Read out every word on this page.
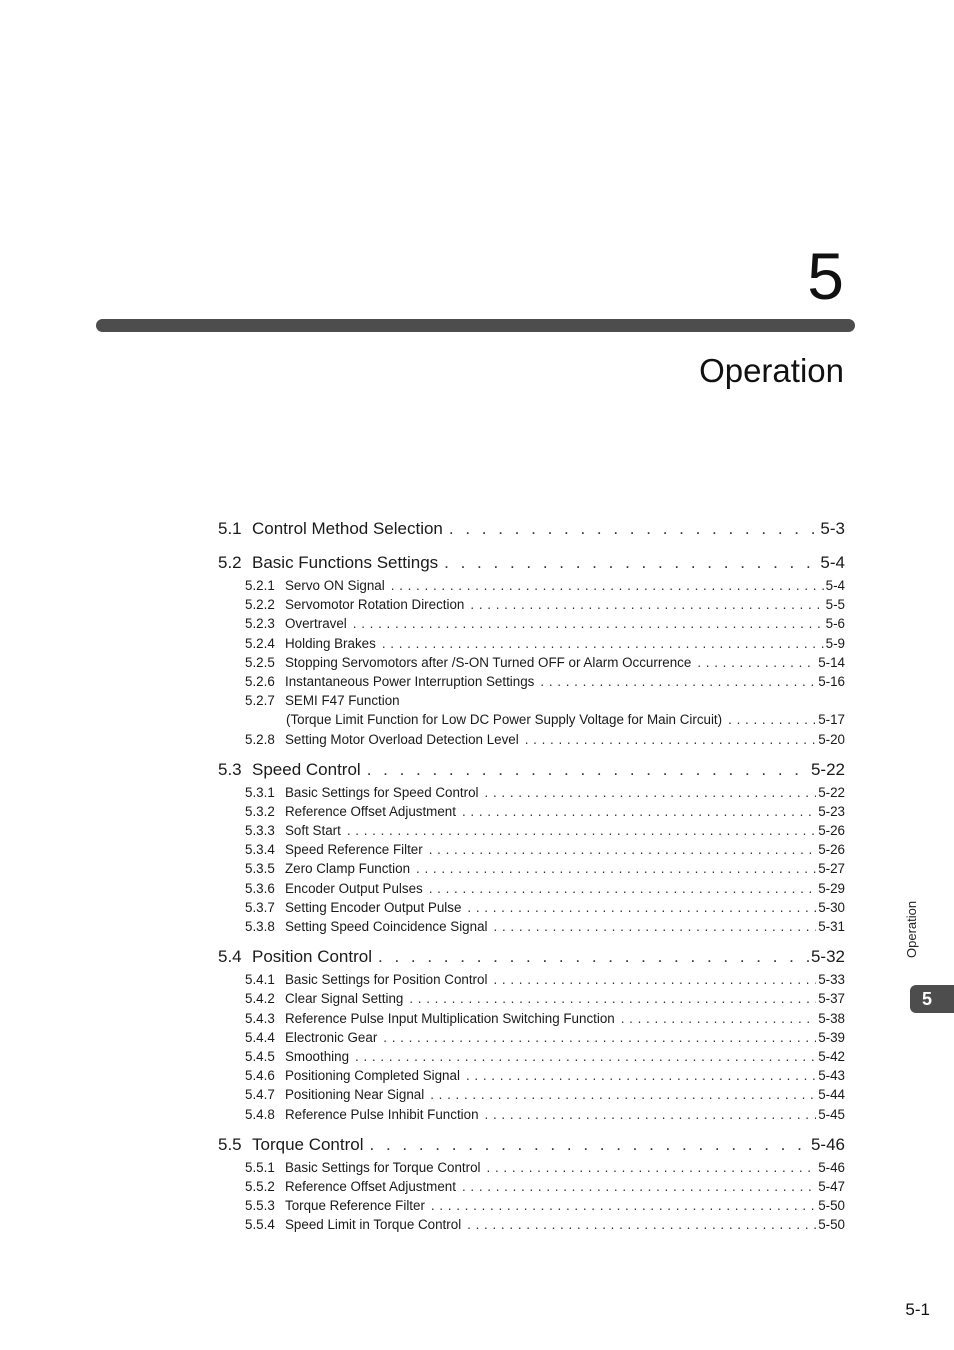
5
Operation
5.1 Control Method Selection . . .	5-3
5.2 Basic Functions Settings . . .	5-4
5.2.1 Servo ON Signal . . .	5-4
5.2.2 Servomotor Rotation Direction . . .	5-5
5.2.3 Overtravel . . .	5-6
5.2.4 Holding Brakes . . .	5-9
5.2.5 Stopping Servomotors after /S-ON Turned OFF or Alarm Occurrence . . .	5-14
5.2.6 Instantaneous Power Interruption Settings . . .	5-16
5.2.7 SEMI F47 Function
(Torque Limit Function for Low DC Power Supply Voltage for Main Circuit) . . .	5-17
5.2.8 Setting Motor Overload Detection Level . . .	5-20
5.3 Speed Control . . .	5-22
5.3.1 Basic Settings for Speed Control . . .	5-22
5.3.2 Reference Offset Adjustment . . .	5-23
5.3.3 Soft Start . . .	5-26
5.3.4 Speed Reference Filter . . .	5-26
5.3.5 Zero Clamp Function . . .	5-27
5.3.6 Encoder Output Pulses . . .	5-29
5.3.7 Setting Encoder Output Pulse . . .	5-30
5.3.8 Setting Speed Coincidence Signal . . .	5-31
5.4 Position Control . . .	5-32
5.4.1 Basic Settings for Position Control . . .	5-33
5.4.2 Clear Signal Setting . . .	5-37
5.4.3 Reference Pulse Input Multiplication Switching Function . . .	5-38
5.4.4 Electronic Gear . . .	5-39
5.4.5 Smoothing . . .	5-42
5.4.6 Positioning Completed Signal . . .	5-43
5.4.7 Positioning Near Signal . . .	5-44
5.4.8 Reference Pulse Inhibit Function . . .	5-45
5.5 Torque Control . . .	5-46
5.5.1 Basic Settings for Torque Control . . .	5-46
5.5.2 Reference Offset Adjustment . . .	5-47
5.5.3 Torque Reference Filter . . .	5-50
5.5.4 Speed Limit in Torque Control . . .	5-50
Operation
5
5-1
